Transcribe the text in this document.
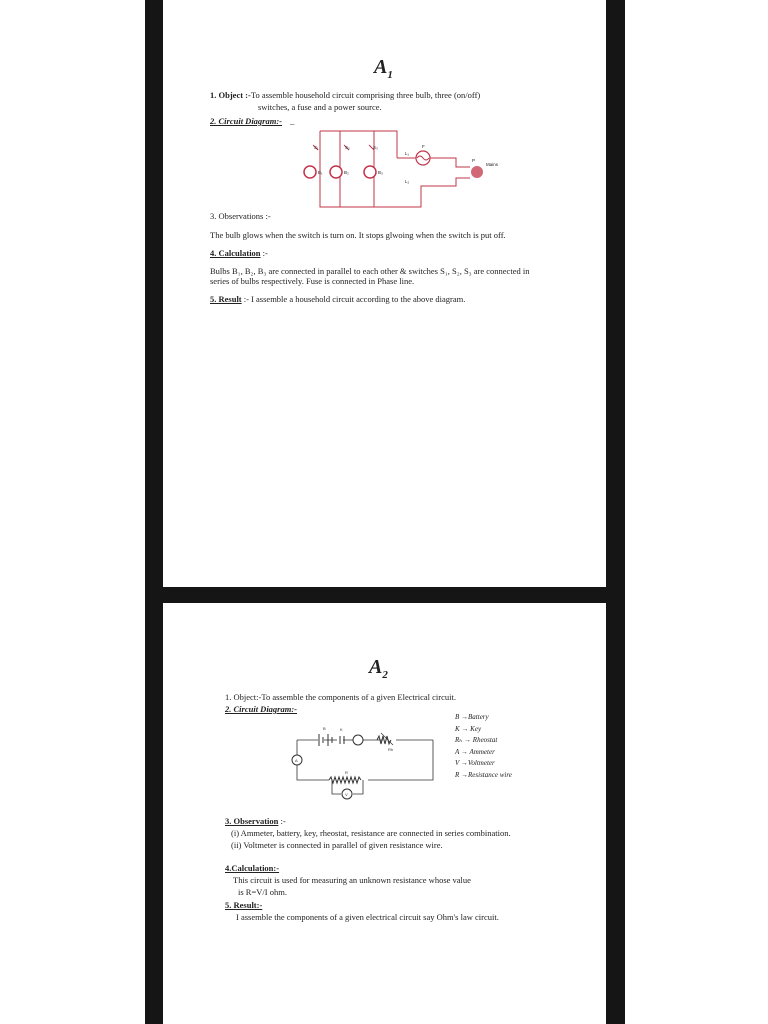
$A_1$
1. Object :-To assemble household circuit comprising three bulb, three (on/off)
switches, a fuse and a power source.
2. Circuit Diagram:- _
S₁	S₂	S₃
B₁	B₂	B₃
F
L₁
L₂
P
Mains
3. Observations :-
The bulb glows when the switch is turn on. It stops glwoing when the switch is put off.
4. Calculation :-
Bulbs B₁, B₂, B₃ are connected in parallel to each other & switches S₁, S₂, S₃ are connected in
series of bulbs respectively. Fuse is connected in Phase line.
5. Result :- I assemble a household circuit according to the above diagram.
$A_2$
1. Object:-To assemble the components of a given Electrical circuit.
2. Circuit Diagram:-
B	K
Rh
R
A
V
B →Battery
K → Key
Rₕ → Rheostat
A → Ammeter
V →Voltmeter
R →Resistance wire
3. Observation :-
(i) Ammeter, battery, key, rheostat, resistance are connected in series combination.
(ii) Voltmeter is connected in parallel of given resistance wire.
4.Calculation:-
This circuit is used for measuring an unknown resistance whose value
is R=V/I ohm.
5. Result:-
I assemble the components of a given electrical circuit say Ohm's law circuit.
